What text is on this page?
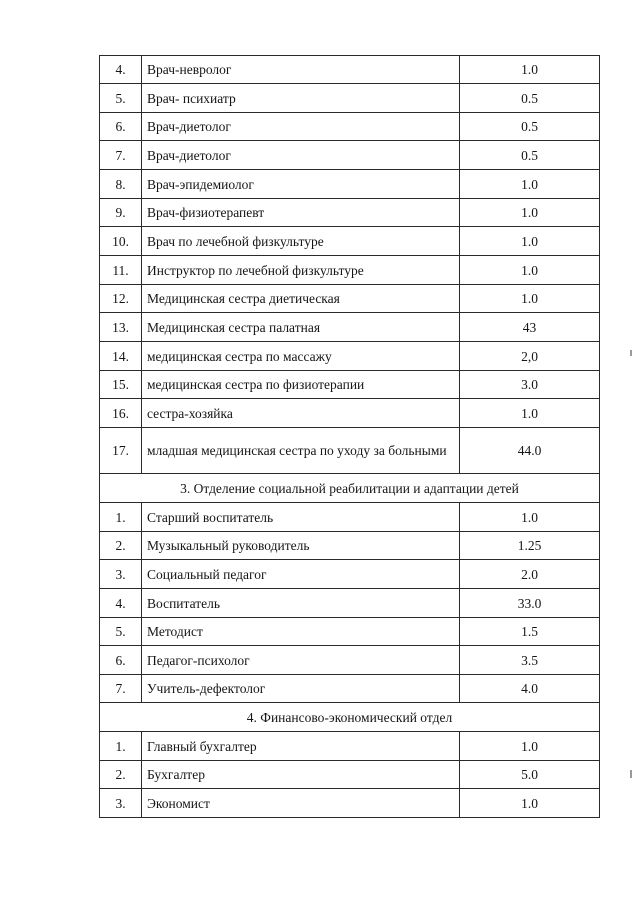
4.	Врач-невролог	1.0
5.	Врач- психиатр	0.5
6.	Врач-диетолог	0.5
7.	Врач-диетолог	0.5
8.	Врач-эпидемиолог	1.0
9.	Врач-физиотерапевт	1.0
10.	Врач по лечебной физкультуре	1.0
11.	Инструктор по лечебной физкультуре	1.0
12.	Медицинская сестра диетическая	1.0
13.	Медицинская сестра палатная	43
14.	медицинская сестра по массажу	2,0
15.	медицинская сестра по физиотерапии	3.0
16.	сестра-хозяйка	1.0
17.	младшая медицинская сестра по уходу за больными	44.0
3. Отделение социальной реабилитации и адаптации детей		
1.	Старший воспитатель	1.0
2.	Музыкальный руководитель	1.25
3.	Социальный педагог	2.0
4.	Воспитатель	33.0
5.	Методист	1.5
6.	Педагог-психолог	3.5
7.	Учитель-дефектолог	4.0
4. Финансово-экономический отдел		
1.	Главный бухгалтер	1.0
2.	Бухгалтер	5.0
3.	Экономист	1.0
